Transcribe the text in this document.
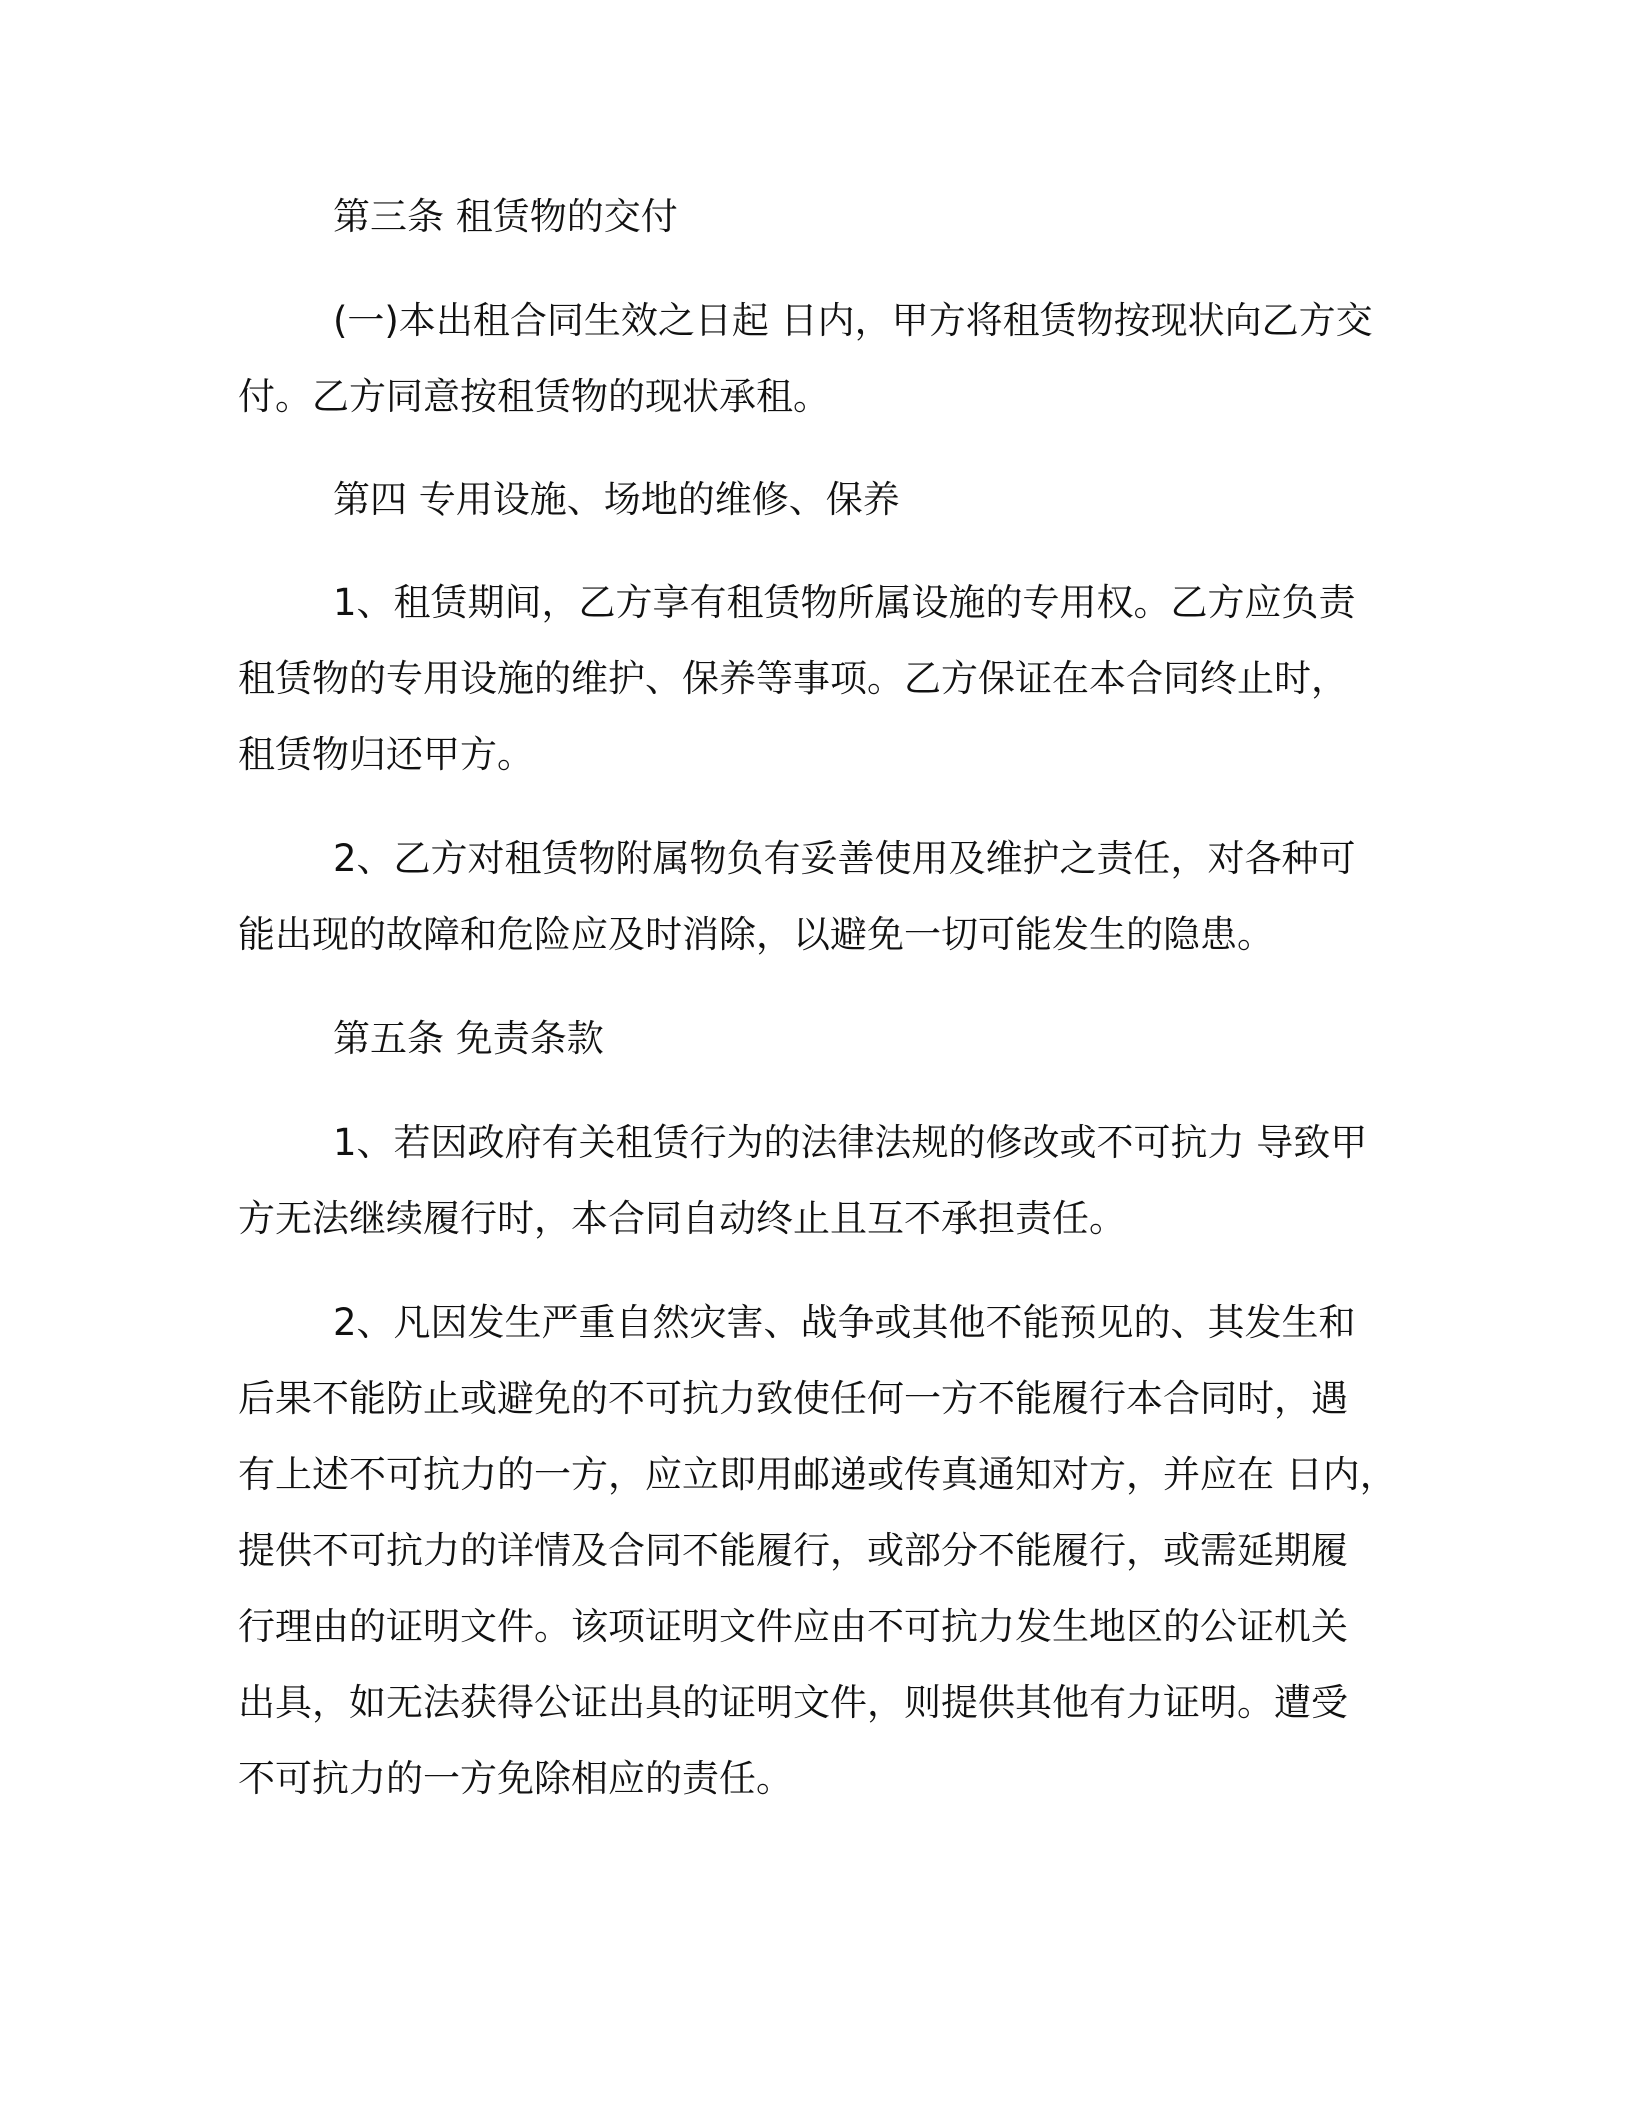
第三条 租赁物的交付
(一)本出租合同生效之日起 日内，甲方将租赁物按现状向乙方交
付。乙方同意按租赁物的现状承租。
第四 专用设施、场地的维修、保养
1、租赁期间，乙方享有租赁物所属设施的专用权。乙方应负责
租赁物的专用设施的维护、保养等事项。乙方保证在本合同终止时，
租赁物归还甲方。
2、乙方对租赁物附属物负有妥善使用及维护之责任，对各种可
能出现的故障和危险应及时消除，以避免一切可能发生的隐患。
第五条 免责条款
1、若因政府有关租赁行为的法律法规的修改或不可抗力 导致甲
方无法继续履行时，本合同自动终止且互不承担责任。
2、凡因发生严重自然灾害、战争或其他不能预见的、其发生和
后果不能防止或避免的不可抗力致使任何一方不能履行本合同时，遇
有上述不可抗力的一方，应立即用邮递或传真通知对方，并应在 日内，
提供不可抗力的详情及合同不能履行，或部分不能履行，或需延期履
行理由的证明文件。该项证明文件应由不可抗力发生地区的公证机关
出具，如无法获得公证出具的证明文件，则提供其他有力证明。遭受
不可抗力的一方免除相应的责任。
